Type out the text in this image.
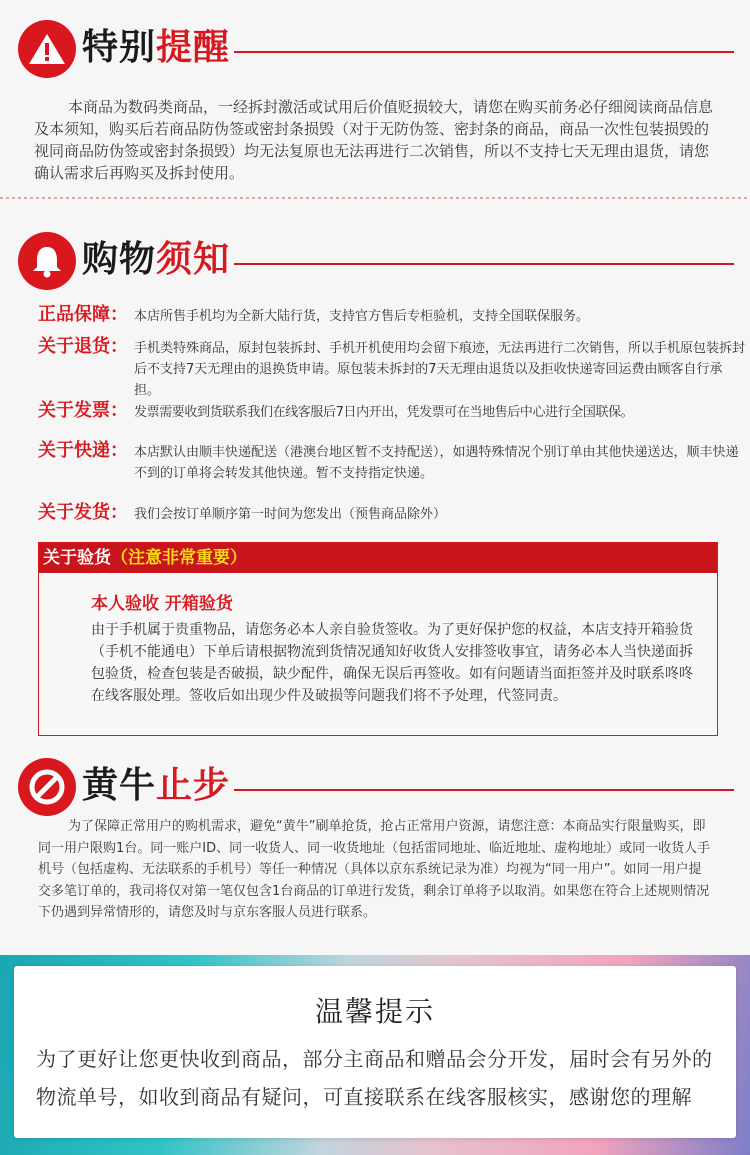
特别提醒

本商品为数码类商品，一经拆封激活或试用后价值贬损较大，请您在购买前务必仔细阅读商品信息及本须知，购买后若商品防伪签或密封条损毁（对于无防伪签、密封条的商品，商品一次性包装损毁的视同商品防伪签或密封条损毁）均无法复原也无法再进行二次销售，所以不支持七天无理由退货，请您确认需求后再购买及拆封使用。

购物须知
正品保障： 本店所售手机均为全新大陆行货，支持官方售后专柜验机，支持全国联保服务。

关于退货： 手机类特殊商品，原封包装拆封、手机开机使用均会留下痕迹，无法再进行二次销售，所以手机原包装拆封后不支持7天无理由的退换货申请。原包装未拆封的7天无理由退货以及拒收快递寄回运费由顾客自行承担。

关于发票： 发票需要收到货联系我们在线客服后7日内开出，凭发票可在当地售后中心进行全国联保。

关于快递： 本店默认由顺丰快递配送（港澳台地区暂不支持配送），如遇特殊情况个别订单由其他快递送达，顺丰快递不到的订单将会转发其他快递。暂不支持指定快递。

关于发货： 我们会按订单顺序第一时间为您发出（预售商品除外）

关于验货（注意非常重要）
本人验收 开箱验货

由于手机属于贵重物品，请您务必本人亲自验货签收。为了更好保护您的权益，本店支持开箱验货（手机不能通电）下单后请根据物流到货情况通知好收货人安排签收事宜，请务必本人当快递面拆包验货，检查包装是否破损，缺少配件，确保无误后再签收。如有问题请当面拒签并及时联系咚咚在线客服处理。签收后如出现少件及破损等问题我们将不予处理，代签同责。

黄牛止步

为了保障正常用户的购机需求，避免“黄牛”刷单抢货，抢占正常用户资源，请您注意：本商品实行限量购买，即同一用户限购1台。同一账户ID、同一收货人、同一收货地址（包括雷同地址、临近地址、虚构地址）或同一收货人手机号（包括虚构、无法联系的手机号）等任一种情况（具体以京东系统记录为准）均视为“同一用户”。如同一用户提交多笔订单的，我司将仅对第一笔仅包含1台商品的订单进行发货，剩余订单将予以取消。如果您在符合上述规则情况下仍遇到异常情形的，请您及时与京东客服人员进行联系。

温馨提示

为了更好让您更快收到商品，部分主商品和赠品会分开发，届时会有另外的物流单号，如收到商品有疑问，可直接联系在线客服核实，感谢您的理解
